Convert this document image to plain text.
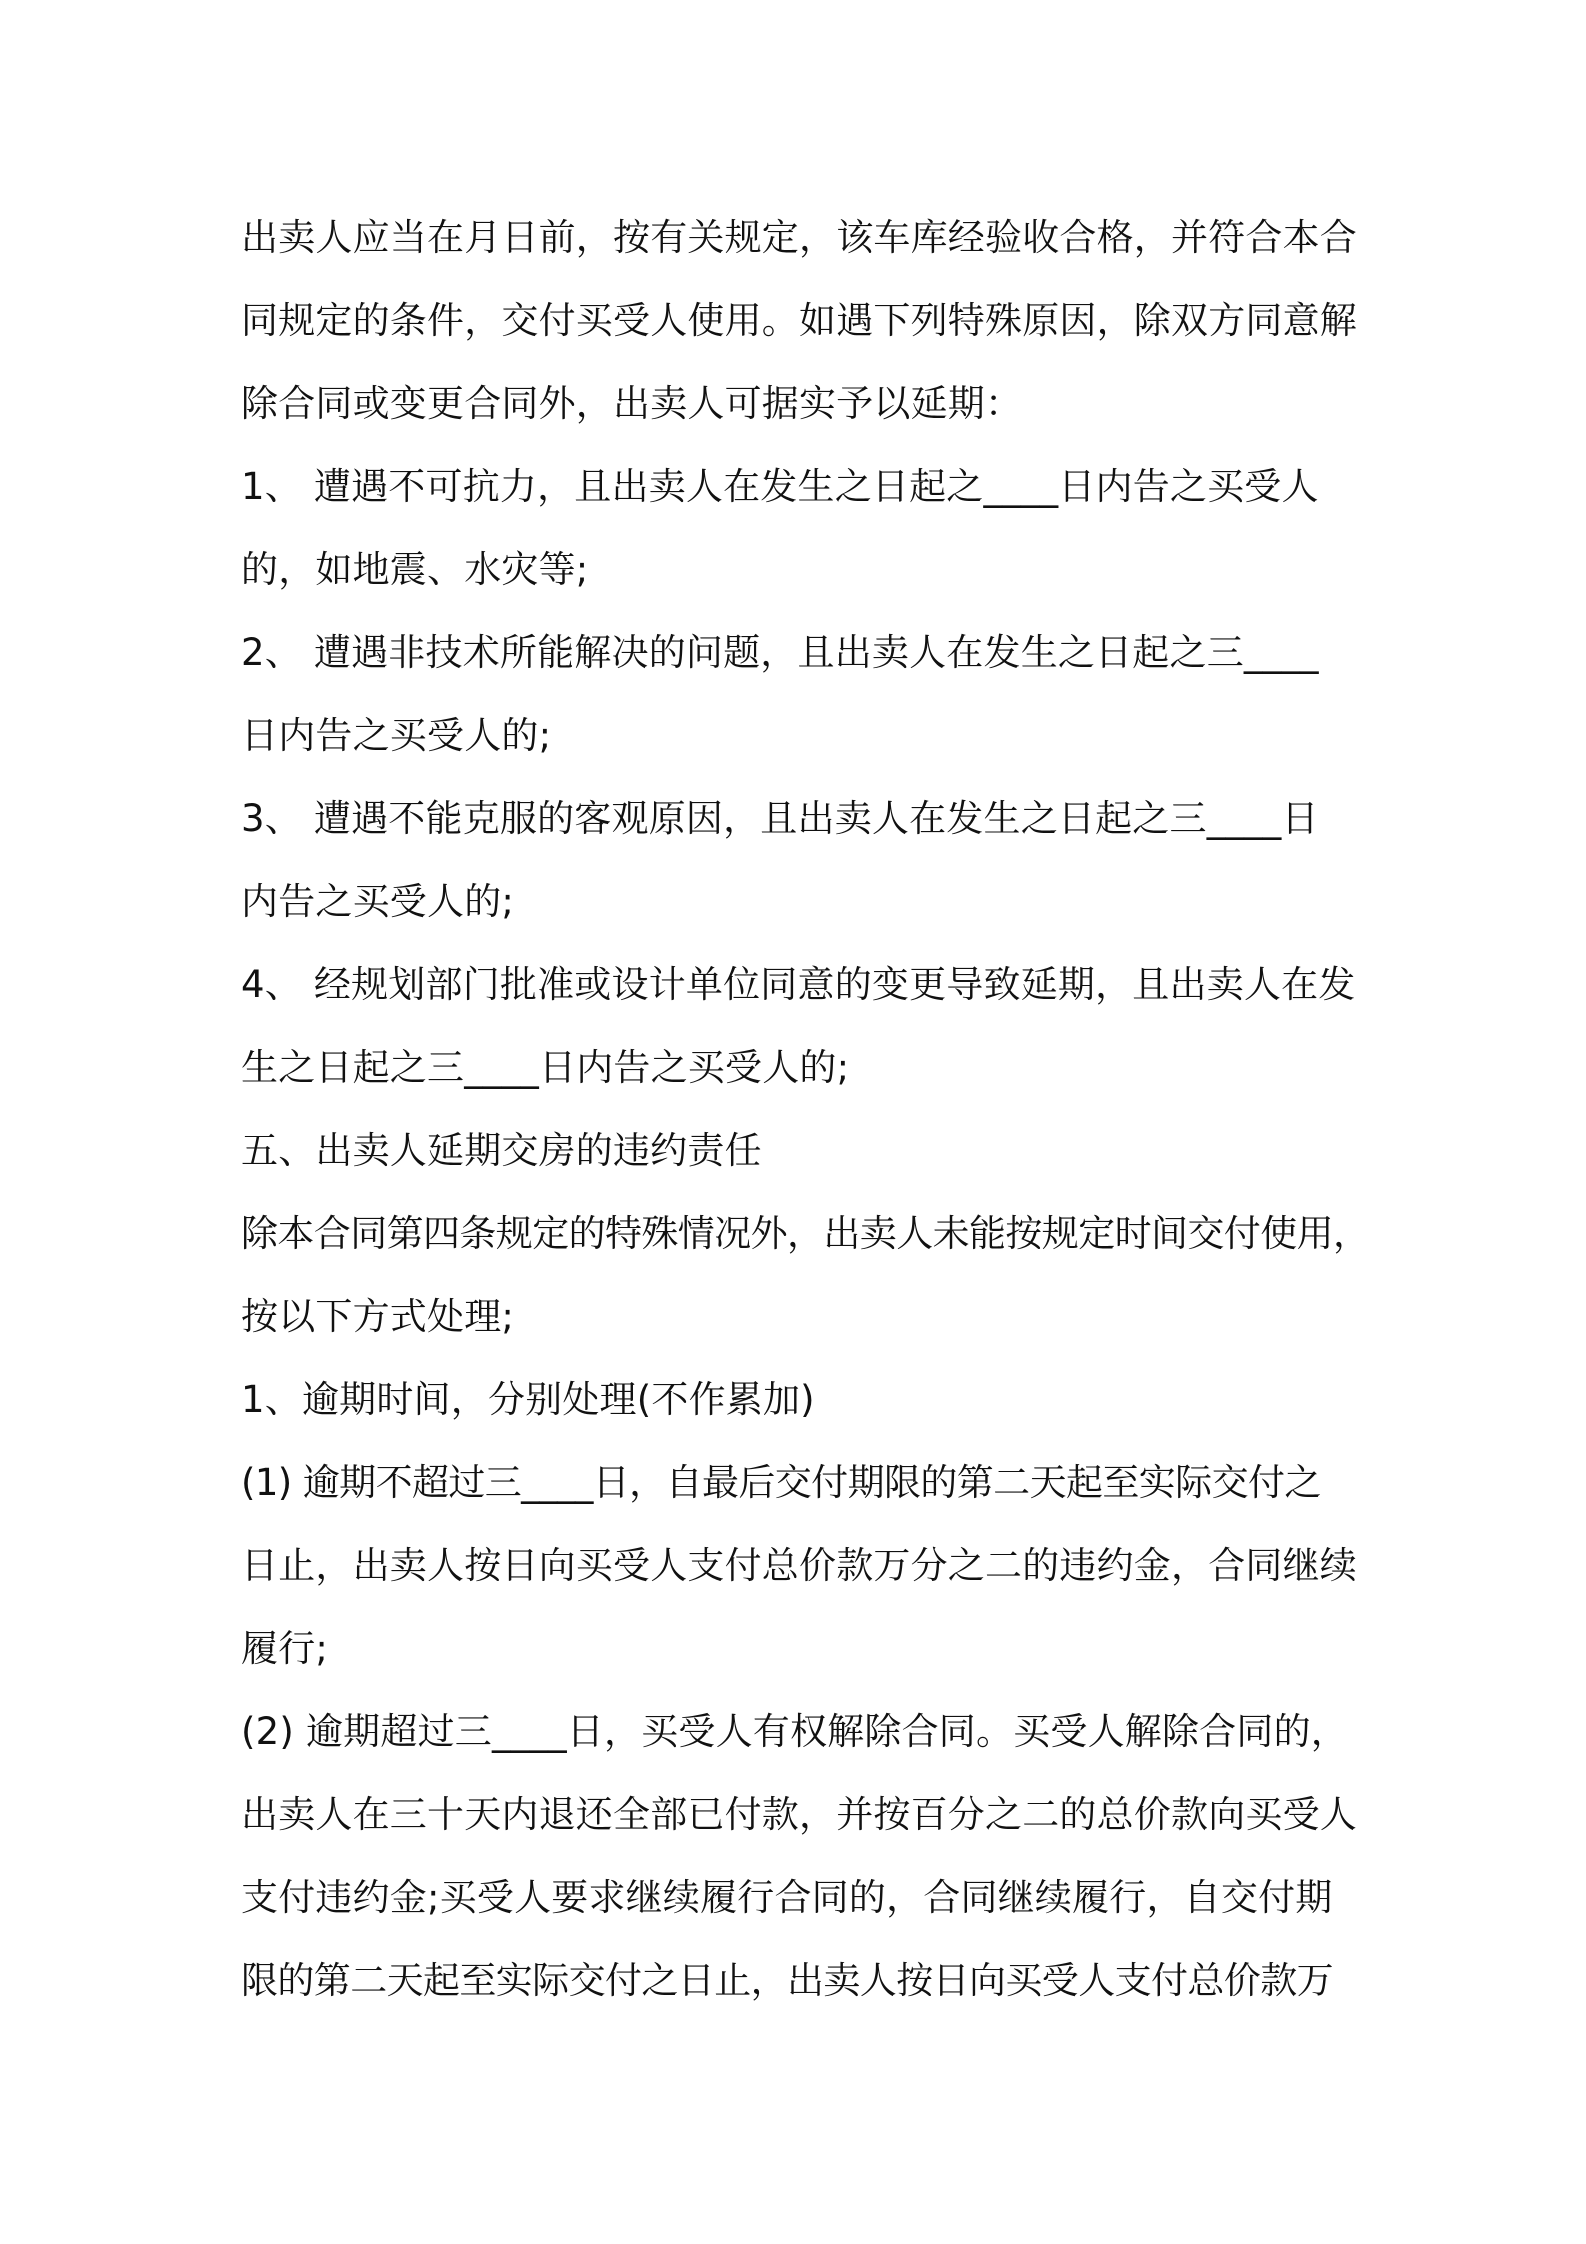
出卖人应当在月日前，按有关规定，该车库经验收合格，并符合本合
同规定的条件，交付买受人使用。如遇下列特殊原因，除双方同意解
除合同或变更合同外，出卖人可据实予以延期：
1、 遭遇不可抗力，且出卖人在发生之日起之____日内告之买受人
的，如地震、水灾等;
2、 遭遇非技术所能解决的问题，且出卖人在发生之日起之三____
日内告之买受人的;
3、 遭遇不能克服的客观原因，且出卖人在发生之日起之三____日
内告之买受人的;
4、 经规划部门批准或设计单位同意的变更导致延期，且出卖人在发
生之日起之三____日内告之买受人的;
五、出卖人延期交房的违约责任
除本合同第四条规定的特殊情况外，出卖人未能按规定时间交付使用，
按以下方式处理;
1、逾期时间，分别处理(不作累加)
(1) 逾期不超过三____日，自最后交付期限的第二天起至实际交付之
日止，出卖人按日向买受人支付总价款万分之二的违约金，合同继续
履行;
(2) 逾期超过三____日，买受人有权解除合同。买受人解除合同的，
出卖人在三十天内退还全部已付款，并按百分之二的总价款向买受人
支付违约金;买受人要求继续履行合同的，合同继续履行，自交付期
限的第二天起至实际交付之日止，出卖人按日向买受人支付总价款万
